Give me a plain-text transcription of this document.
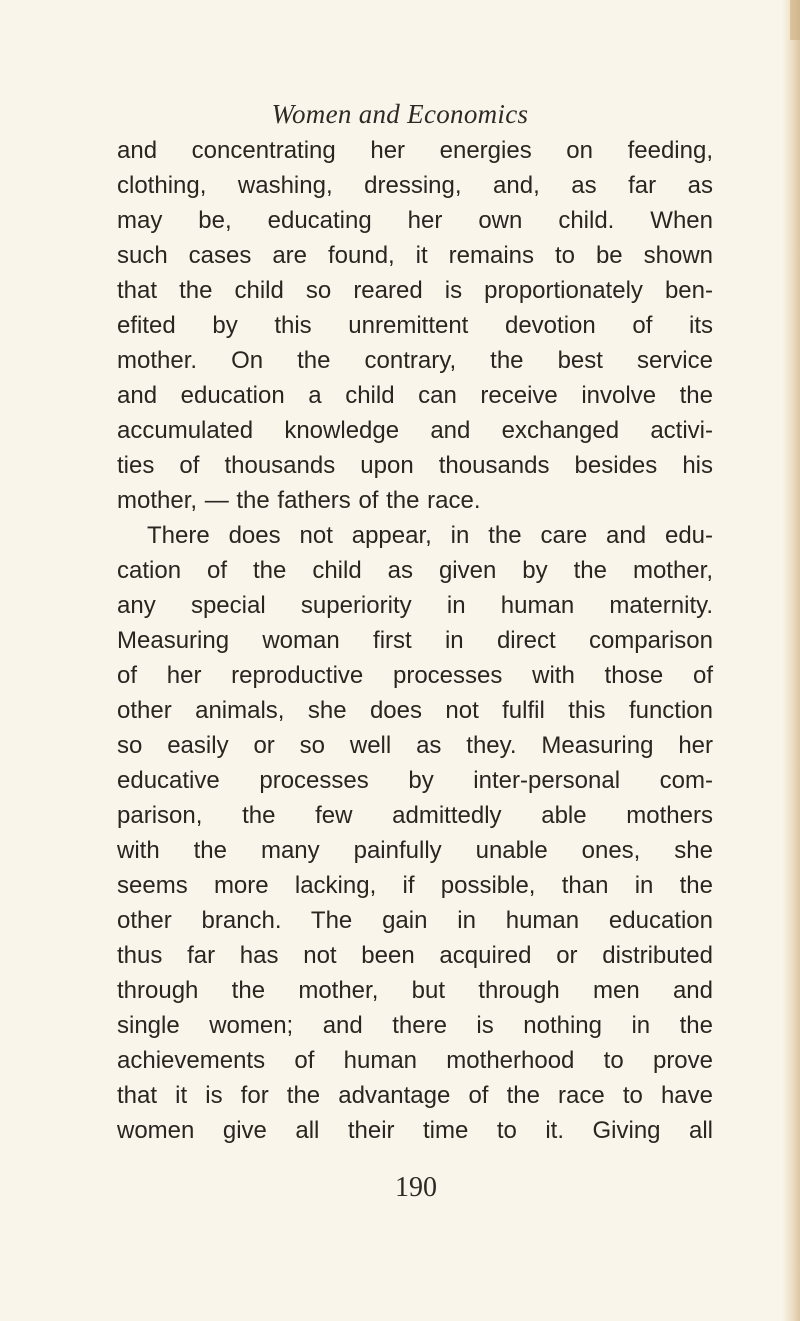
Women and Economics
and concentrating her energies on feeding,
clothing, washing, dressing, and, as far as
may be, educating her own child. When
such cases are found, it remains to be shown
that the child so reared is proportionately ben-
efited by this unremittent devotion of its
mother. On the contrary, the best service
and education a child can receive involve the
accumulated knowledge and exchanged activi-
ties of thousands upon thousands besides his
mother, — the fathers of the race.
There does not appear, in the care and edu-
cation of the child as given by the mother,
any special superiority in human maternity.
Measuring woman first in direct comparison
of her reproductive processes with those of
other animals, she does not fulfil this function
so easily or so well as they. Measuring her
educative processes by inter-personal com-
parison, the few admittedly able mothers
with the many painfully unable ones, she
seems more lacking, if possible, than in the
other branch. The gain in human education
thus far has not been acquired or distributed
through the mother, but through men and
single women; and there is nothing in the
achievements of human motherhood to prove
that it is for the advantage of the race to have
women give all their time to it. Giving all
190
